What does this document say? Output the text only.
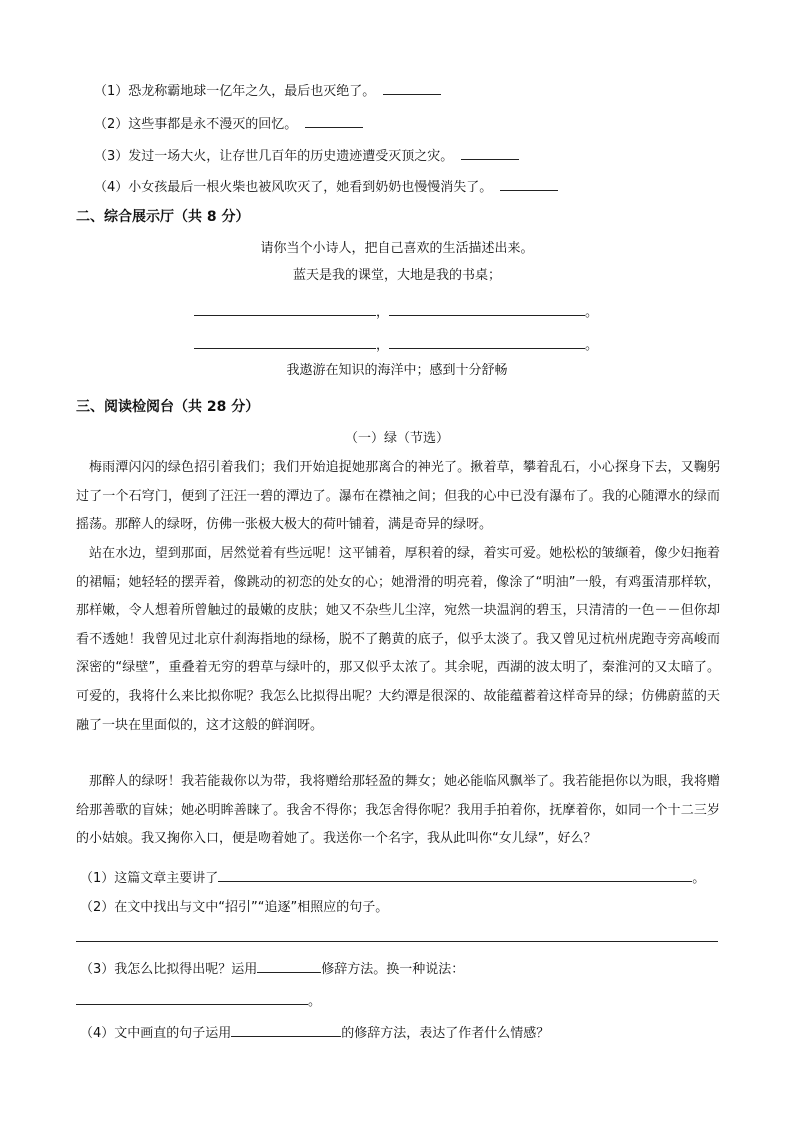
（1）恐龙称霸地球一亿年之久，最后也灭绝了。
（2）这些事都是永不漫灭的回忆。
（3）发过一场大火，让存世几百年的历史遗迹遭受灭顶之灾。
（4）小女孩最后一根火柴也被风吹灭了，她看到奶奶也慢慢消失了。
二、综合展示厅（共 8 分）
请你当个小诗人，把自己喜欢的生活描述出来。
蓝天是我的课堂，大地是我的书桌；
，	。
，	。
我遨游在知识的海洋中；感到十分舒畅
三、阅读检阅台（共 28 分）
（一）绿（节选）
梅雨潭闪闪的绿色招引着我们；我们开始追捉她那离合的神光了。揪着草，攀着乱石，小心探身下去，又鞠躬过了一个石穹门，便到了汪汪一碧的潭边了。瀑布在襟袖之间；但我的心中已没有瀑布了。我的心随潭水的绿而摇荡。那醉人的绿呀，仿佛一张极大极大的荷叶铺着，满是奇异的绿呀。
站在水边，望到那面，居然觉着有些远呢！这平铺着，厚积着的绿，着实可爱。她松松的皱缬着，像少妇拖着的裙幅；她轻轻的摆弄着，像跳动的初恋的处女的心；她滑滑的明亮着，像涂了“明油”一般，有鸡蛋清那样软，那样嫩，令人想着所曾触过的最嫩的皮肤；她又不杂些儿尘滓，宛然一块温润的碧玉，只清清的一色－－但你却看不透她！我曾见过北京什刹海指地的绿杨，脱不了鹅黄的底子，似乎太淡了。我又曾见过杭州虎跑寺旁高峻而深密的“绿壁”，重叠着无穷的碧草与绿叶的，那又似乎太浓了。其余呢，西湖的波太明了，秦淮河的又太暗了。可爱的，我将什么来比拟你呢？我怎么比拟得出呢？大约潭是很深的、故能蕴蓄着这样奇异的绿；仿佛蔚蓝的天融了一块在里面似的，这才这般的鲜润呀。
那醉人的绿呀！我若能裁你以为带，我将赠给那轻盈的舞女；她必能临风飘举了。我若能挹你以为眼，我将赠给那善歌的盲妹；她必明眸善睐了。我舍不得你；我怎舍得你呢？我用手拍着你，抚摩着你，如同一个十二三岁的小姑娘。我又掬你入口，便是吻着她了。我送你一个名字，我从此叫你“女儿绿”，好么？
（1）这篇文章主要讲了	。
（2）在文中找出与文中“招引”“追逐”相照应的句子。
（3）我怎么比拟得出呢？运用	修辞方法。换一种说法：
。
（4）文中画直的句子运用	的修辞方法，表达了作者什么情感？
